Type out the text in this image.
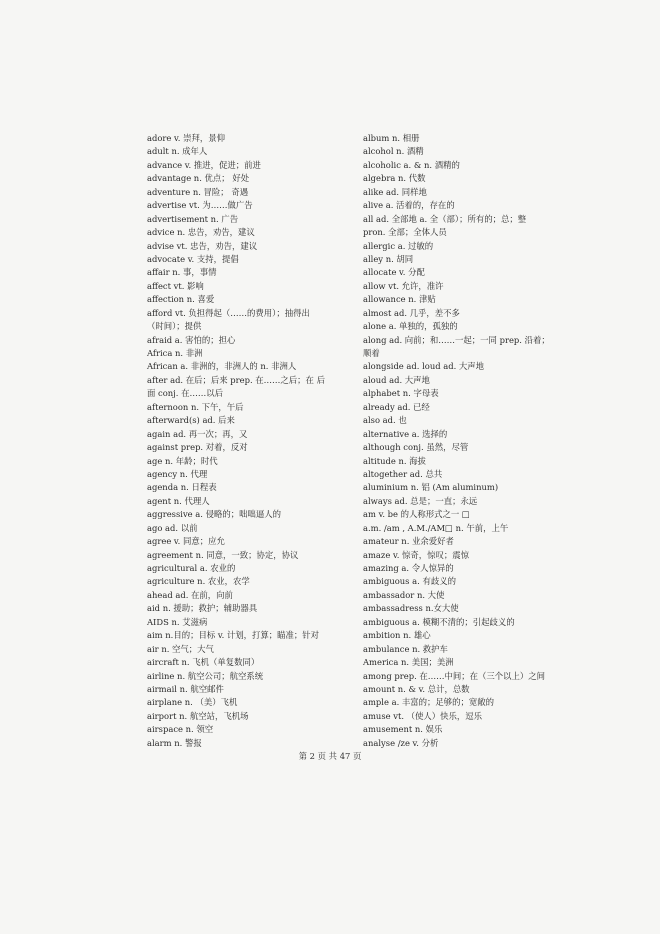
adore v. 崇拜，景仰
adult n. 成年人
advance v. 推进，促进；前进
advantage n. 优点； 好处
adventure n. 冒险； 奇遇
advertise vt. 为……做广告
advertisement n. 广告
advice n. 忠告，劝告，建议
advise vt. 忠告，劝告，建议
advocate v. 支持，提倡
affair n. 事，事情
affect vt. 影响
affection n. 喜爱
afford vt. 负担得起（……的费用）；抽得出
（时间）；提供
afraid a. 害怕的；担心
Africa n. 非洲
African a. 非洲的，非洲人的 n. 非洲人
after ad. 在后；后来 prep. 在……之后；在 后
面 conj. 在……以后
afternoon n. 下午，午后
afterward(s) ad. 后来
again ad. 再一次；再，又
against prep. 对着，反对
age n. 年龄；时代
agency n. 代理
agenda n. 日程表
agent n. 代理人
aggressive a. 侵略的；咄咄逼人的
ago ad. 以前
agree v. 同意；应允
agreement n. 同意，一致；协定，协议
agricultural a. 农业的
agriculture n. 农业，农学
ahead ad. 在前，向前
aid n. 援助；救护；辅助器具
AIDS n. 艾滋病
aim n.目的；目标 v. 计划，打算；瞄准；针对
air n. 空气；大气
aircraft n. 飞机（单复数同）
airline n. 航空公司；航空系统
airmail n. 航空邮件
airplane n. （美）飞机
airport n. 航空站，飞机场
airspace n. 领空
alarm n. 警报
album n. 相册
alcohol n. 酒精
alcoholic a. & n. 酒精的
algebra n. 代数
alike ad. 同样地
alive a. 活着的，存在的
all ad. 全部地 a. 全（部）；所有的；总；整
pron. 全部；全体人员
allergic a. 过敏的
alley n. 胡同
allocate v. 分配
allow vt. 允许，准许
allowance n. 津贴
almost ad. 几乎，差不多
alone a. 单独的，孤独的
along ad. 向前；和……一起；一同 prep. 沿着；
顺着
alongside ad. loud ad. 大声地
aloud ad. 大声地
alphabet n. 字母表
already ad. 已经
also ad. 也
alternative a. 选择的
although conj. 虽然，尽管
altitude n. 海拔
altogether ad. 总共
aluminium n. 铝 (Am aluminum)
always ad. 总是；一直；永远
am v. be 的人称形式之一 □
a.m. /am , A.M./AM□ n. 午前，上午
amateur n. 业余爱好者
amaze v. 惊奇，惊叹；震惊
amazing a. 令人惊异的
ambiguous a. 有歧义的
ambassador n. 大使
ambassadress n.女大使
ambiguous a. 模糊不清的；引起歧义的
ambition n. 雄心
ambulance n. 救护车
America n. 美国；美洲
among prep. 在……中间；在（三个以上）之间
amount n. & v. 总计，总数
ample a. 丰富的；足够的；宽敞的
amuse vt. （使人）快乐，逗乐
amusement n. 娱乐
analyse /ze v. 分析
第 2 页 共 47 页
